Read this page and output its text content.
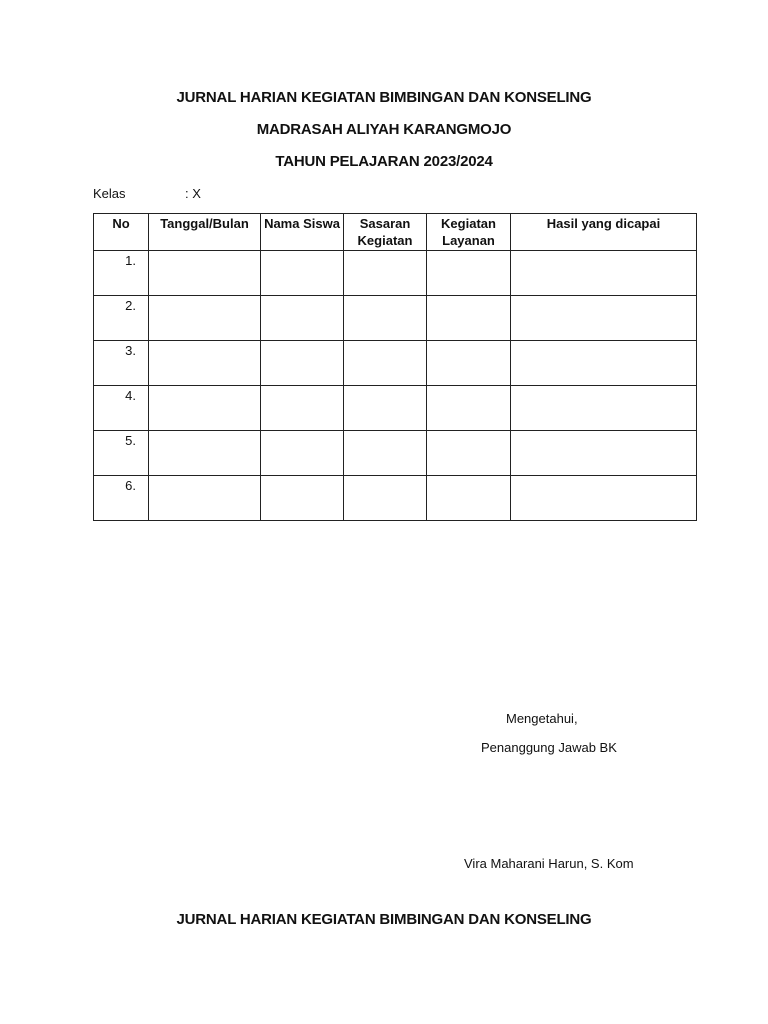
JURNAL HARIAN KEGIATAN BIMBINGAN DAN KONSELING
MADRASAH ALIYAH KARANGMOJO
TAHUN PELAJARAN 2023/2024
Kelas	: X
No	Tanggal/Bulan	Nama Siswa	Sasaran Kegiatan	Kegiatan Layanan	Hasil yang dicapai
1.					
2.					
3.					
4.					
5.					
6.					
Mengetahui,
Penanggung Jawab BK
Vira Maharani Harun, S. Kom
JURNAL HARIAN KEGIATAN BIMBINGAN DAN KONSELING
